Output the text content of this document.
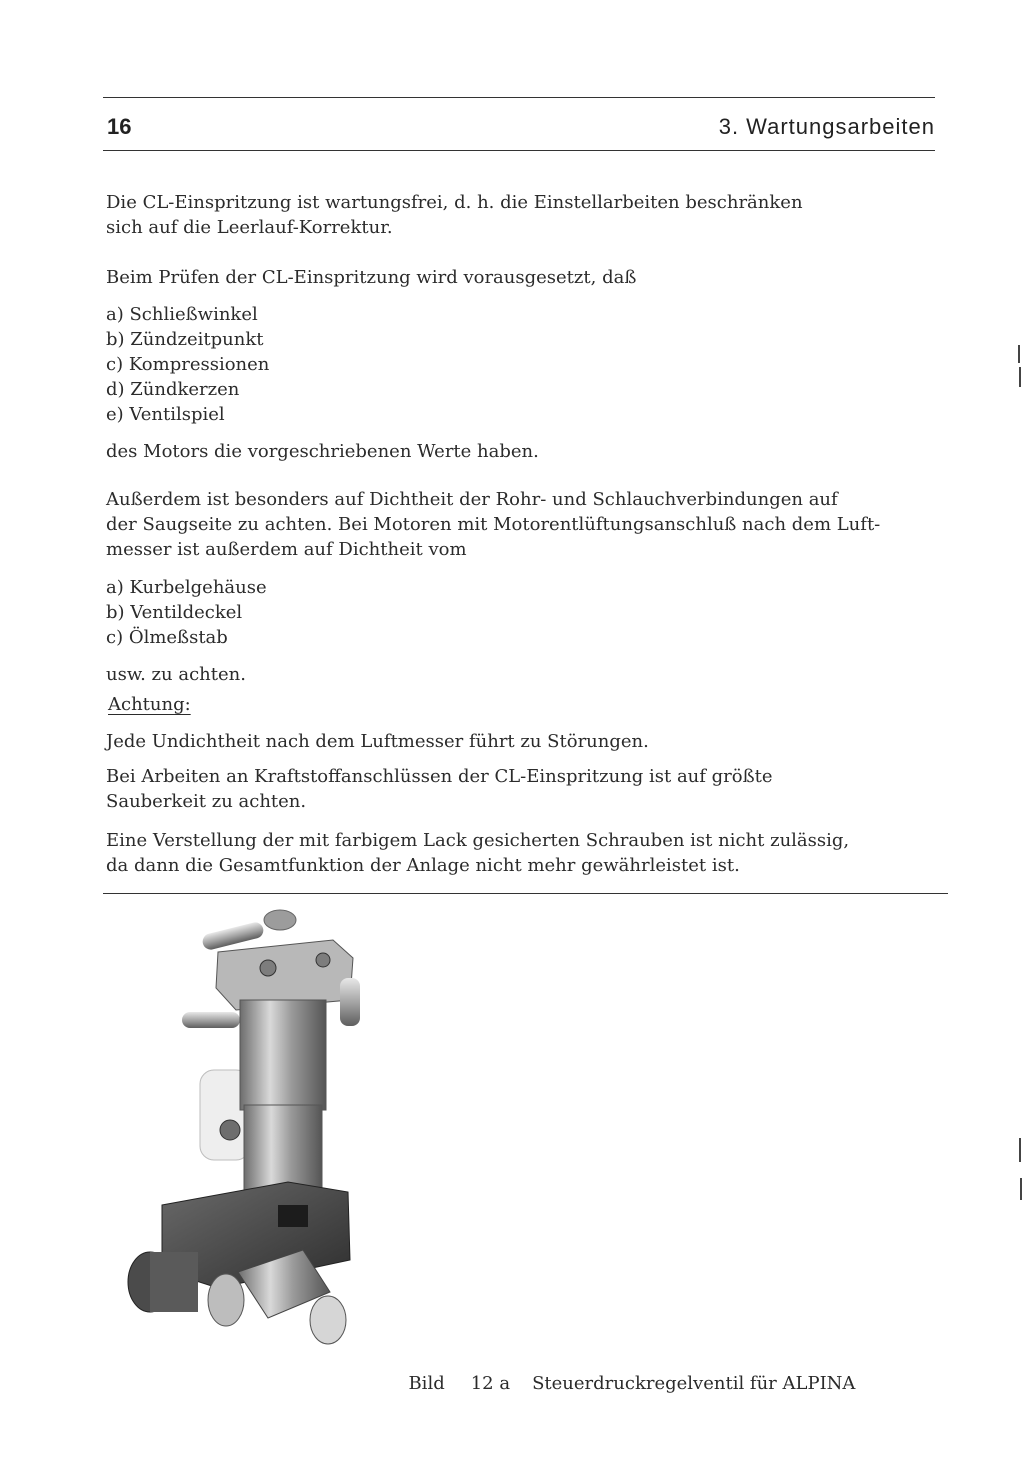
16	3. Wartungsarbeiten
Die CL-Einspritzung ist wartungsfrei, d. h. die Einstellarbeiten beschränken
sich auf die Leerlauf-Korrektur.
Beim Prüfen der CL-Einspritzung wird vorausgesetzt, daß
a) Schließwinkel
b) Zündzeitpunkt
c) Kompressionen
d) Zündkerzen
e) Ventilspiel
des Motors die vorgeschriebenen Werte haben.
Außerdem ist besonders auf Dichtheit der Rohr- und Schlauchverbindungen auf
der Saugseite zu achten. Bei Motoren mit Motorentlüftungsanschluß nach dem Luft-
messer ist außerdem auf Dichtheit vom
a) Kurbelgehäuse
b) Ventildeckel
c) Ölmeßstab
usw. zu achten.
Achtung:
Jede Undichtheit nach dem Luftmesser führt zu Störungen.
Bei Arbeiten an Kraftstoffanschlüssen der CL-Einspritzung ist auf größte
Sauberkeit zu achten.
Eine Verstellung der mit farbigem Lack gesicherten Schrauben ist nicht zulässig,
da dann die Gesamtfunktion der Anlage nicht mehr gewährleistet ist.

Bild 12 a Steuerdruckregelventil für ALPINA
